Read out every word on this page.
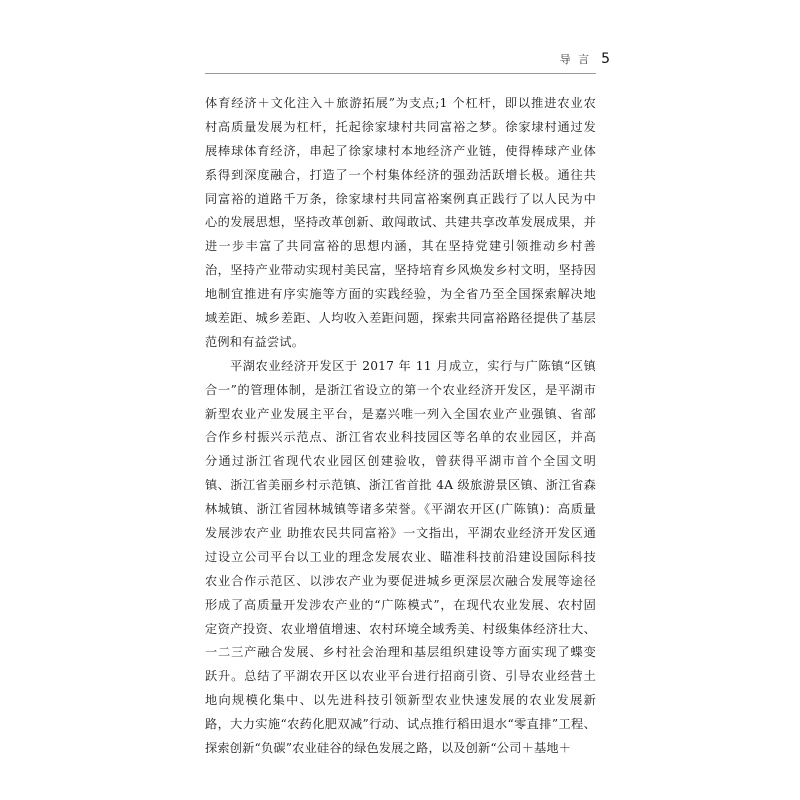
导 言 5
体育经济＋文化注入＋旅游拓展”为支点;1 个杠杆，即以推进农业农
村高质量发展为杠杆，托起徐家埭村共同富裕之梦。徐家埭村通过发
展棒球体育经济，串起了徐家埭村本地经济产业链，使得棒球产业体
系得到深度融合，打造了一个村集体经济的强劲活跃增长极。通往共
同富裕的道路千万条，徐家埭村共同富裕案例真正践行了以人民为中
心的发展思想，坚持改革创新、敢闯敢试、共建共享改革发展成果，并
进一步丰富了共同富裕的思想内涵，其在坚持党建引领推动乡村善
治，坚持产业带动实现村美民富，坚持培育乡风焕发乡村文明，坚持因
地制宜推进有序实施等方面的实践经验，为全省乃至全国探索解决地
域差距、城乡差距、人均收入差距问题，探索共同富裕路径提供了基层
范例和有益尝试。
平湖农业经济开发区于 2017 年 11 月成立，实行与广陈镇“区镇
合一”的管理体制，是浙江省设立的第一个农业经济开发区，是平湖市
新型农业产业发展主平台，是嘉兴唯一列入全国农业产业强镇、省部
合作乡村振兴示范点、浙江省农业科技园区等名单的农业园区，并高
分通过浙江省现代农业园区创建验收，曾获得平湖市首个全国文明
镇、浙江省美丽乡村示范镇、浙江省首批 4A 级旅游景区镇、浙江省森
林城镇、浙江省园林城镇等诸多荣誉。《平湖农开区(广陈镇)：高质量
发展涉农产业 助推农民共同富裕》一文指出，平湖农业经济开发区通
过设立公司平台以工业的理念发展农业、瞄准科技前沿建设国际科技
农业合作示范区、以涉农产业为要促进城乡更深层次融合发展等途径
形成了高质量开发涉农产业的“广陈模式”，在现代农业发展、农村固
定资产投资、农业增值增速、农村环境全域秀美、村级集体经济壮大、
一二三产融合发展、乡村社会治理和基层组织建设等方面实现了蝶变
跃升。总结了平湖农开区以农业平台进行招商引资、引导农业经营土
地向规模化集中、以先进科技引领新型农业快速发展的农业发展新
路，大力实施“农药化肥双减”行动、试点推行稻田退水“零直排”工程、
探索创新“负碳”农业硅谷的绿色发展之路，以及创新“公司＋基地＋
